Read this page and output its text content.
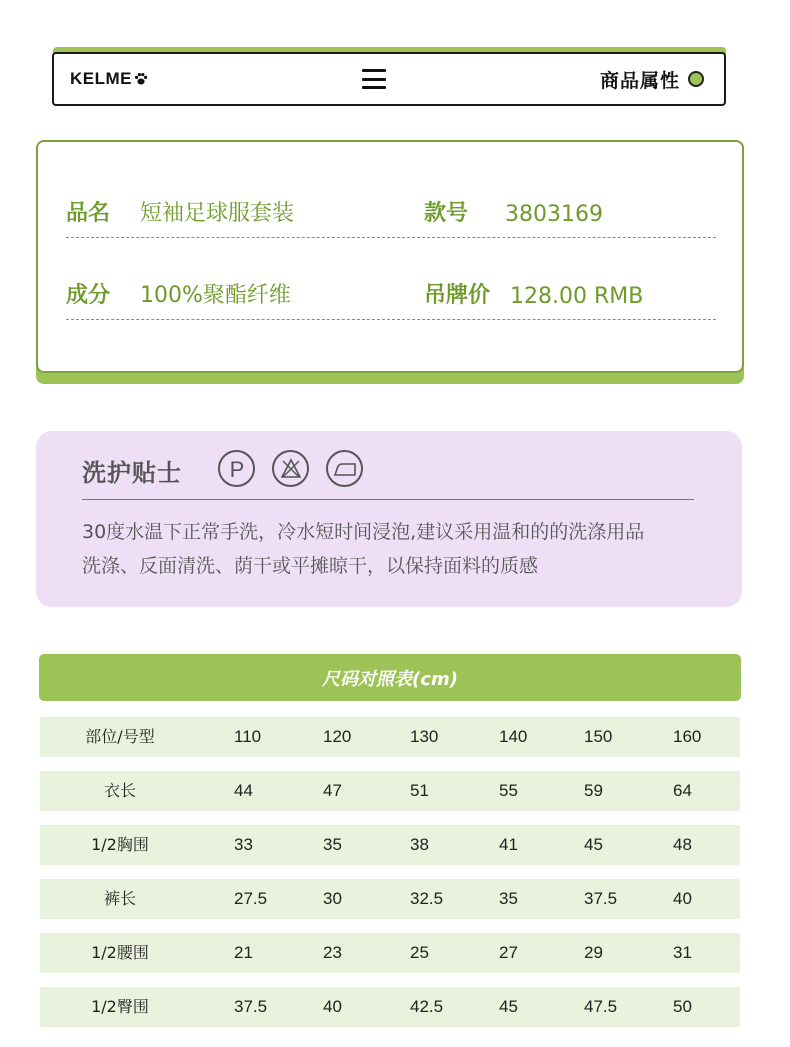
KELME	商品属性
品名 短袖足球服套装	款号 3803169
成分 100%聚酯纤维	吊牌价 128.00 RMB
洗护贴士 P
30度水温下正常手洗，冷水短时间浸泡,建议采用温和的的洗涤用品
洗涤、反面清洗、荫干或平摊晾干，以保持面料的质感
尺码对照表(cm)
部位/号型	110	120	130	140	150	160
衣长	44	47	51	55	59	64
1/2胸围	33	35	38	41	45	48
裤长	27.5	30	32.5	35	37.5	40
1/2腰围	21	23	25	27	29	31
1/2臀围	37.5	40	42.5	45	47.5	50
